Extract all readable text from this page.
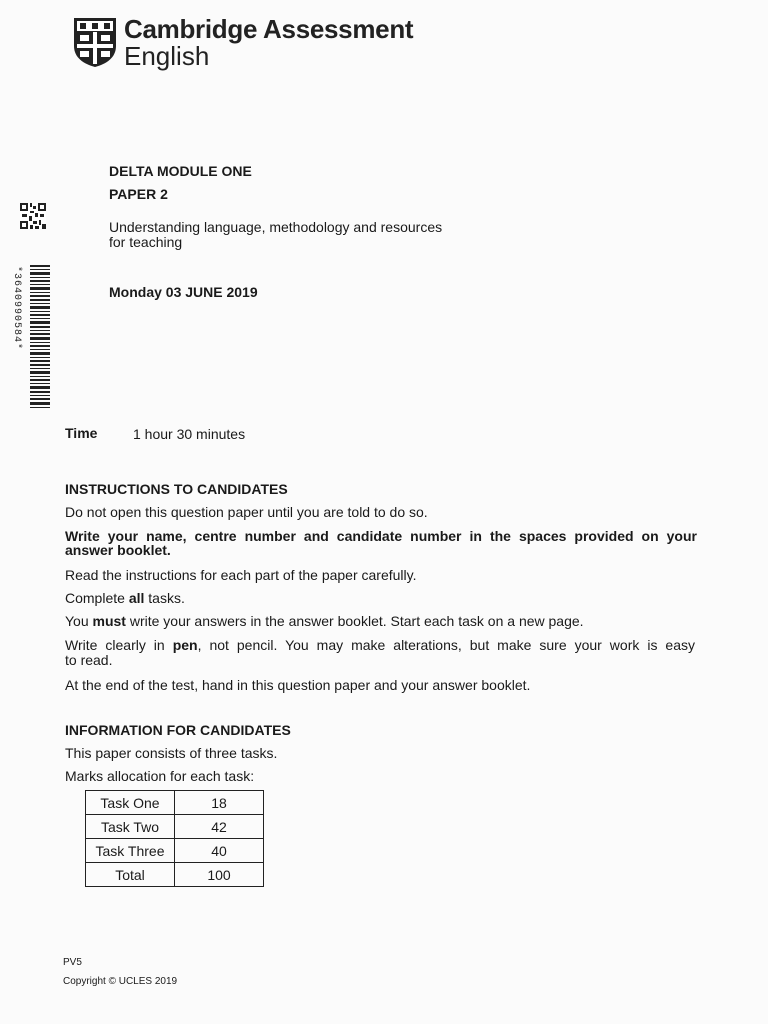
Cambridge Assessment
English
*3640990584*
DELTA MODULE ONE
PAPER 2
Understanding language, methodology and resources
for teaching
Monday 03 JUNE 2019
Time	1 hour 30 minutes
INSTRUCTIONS TO CANDIDATES
Do not open this question paper until you are told to do so.
Write your name, centre number and candidate number in the spaces provided on your
answer booklet.
Read the instructions for each part of the paper carefully.
Complete all tasks.
You must write your answers in the answer booklet. Start each task on a new page.
Write clearly in pen, not pencil. You may make alterations, but make sure your work is easy
to read.
At the end of the test, hand in this question paper and your answer booklet.
INFORMATION FOR CANDIDATES
This paper consists of three tasks.
Marks allocation for each task:
Task One	18
Task Two	42
Task Three	40
Total	100
PV5
Copyright © UCLES 2019
